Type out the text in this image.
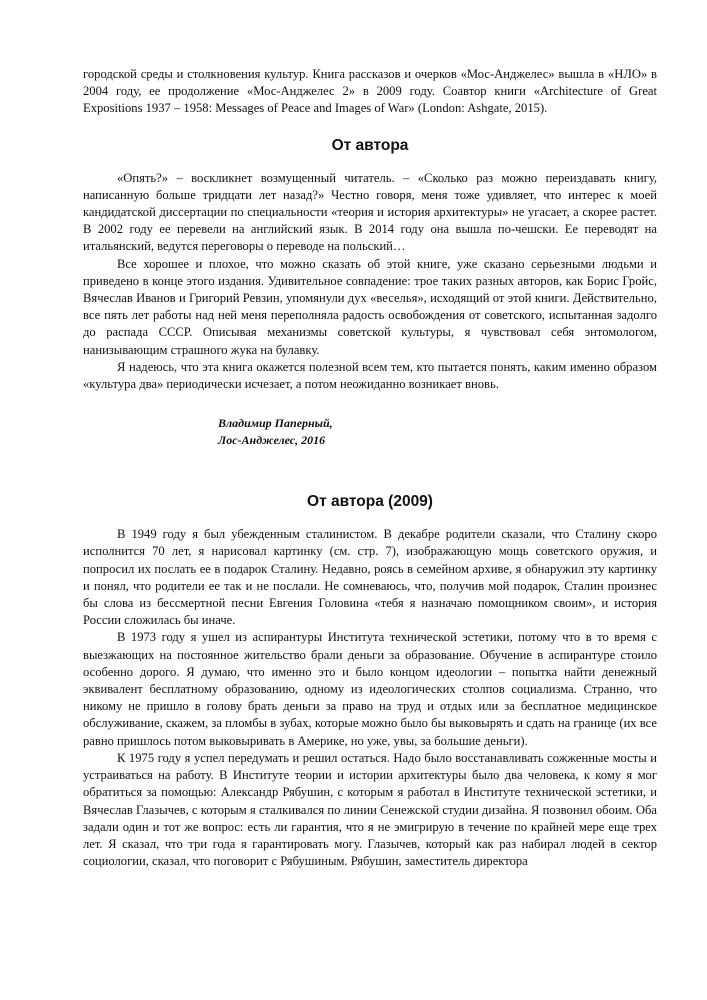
городской среды и столкновения культур. Книга рассказов и очерков «Мос-Анджелес» вышла в «НЛО» в 2004 году, ее продолжение «Мос-Анджелес 2» в 2009 году. Соавтор книги «Architecture of Great Expositions 1937 – 1958: Messages of Peace and Images of War» (London: Ashgate, 2015).

От автора

«Опять?» – воскликнет возмущенный читатель. – «Сколько раз можно переиздавать книгу, написанную больше тридцати лет назад?» Честно говоря, меня тоже удивляет, что интерес к моей кандидатской диссертации по специальности «теория и история архитектуры» не угасает, а скорее растет. В 2002 году ее перевели на английский язык. В 2014 году она вышла по-чешски. Ее переводят на итальянский, ведутся переговоры о переводе на польский…

Все хорошее и плохое, что можно сказать об этой книге, уже сказано серьезными людьми и приведено в конце этого издания. Удивительное совпадение: трое таких разных авторов, как Борис Гройс, Вячеслав Иванов и Григорий Ревзин, упомянули дух «веселья», исходящий от этой книги. Действительно, все пять лет работы над ней меня переполняла радость освобождения от советского, испытанная задолго до распада СССР. Описывая механизмы советской культуры, я чувствовал себя энтомологом, нанизывающим страшного жука на булавку.

Я надеюсь, что эта книга окажется полезной всем тем, кто пытается понять, каким именно образом «культура два» периодически исчезает, а потом неожиданно возникает вновь.

Владимир Паперный,
Лос-Анджелес, 2016
От автора (2009)

В 1949 году я был убежденным сталинистом. В декабре родители сказали, что Сталину скоро исполнится 70 лет, я нарисовал картинку (см. стр. 7), изображающую мощь советского оружия, и попросил их послать ее в подарок Сталину. Недавно, роясь в семейном архиве, я обнаружил эту картинку и понял, что родители ее так и не послали. Не сомневаюсь, что, получив мой подарок, Сталин произнес бы слова из бессмертной песни Евгения Головина «тебя я назначаю помощником своим», и история России сложилась бы иначе.

В 1973 году я ушел из аспирантуры Института технической эстетики, потому что в то время с выезжающих на постоянное жительство брали деньги за образование. Обучение в аспирантуре стоило особенно дорого. Я думаю, что именно это и было концом идеологии – попытка найти денежный эквивалент бесплатному образованию, одному из идеологических столпов социализма. Странно, что никому не пришло в голову брать деньги за право на труд и отдых или за бесплатное медицинское обслуживание, скажем, за пломбы в зубах, которые можно было бы выковырять и сдать на границе (их все равно пришлось потом выковыривать в Америке, но уже, увы, за большие деньги).

К 1975 году я успел передумать и решил остаться. Надо было восстанавливать сожженные мосты и устраиваться на работу. В Институте теории и истории архитектуры было два человека, к кому я мог обратиться за помощью: Александр Рябушин, с которым я работал в Институте технической эстетики, и Вячеслав Глазычев, с которым я сталкивался по линии Сенежской студии дизайна. Я позвонил обоим. Оба задали один и тот же вопрос: есть ли гарантия, что я не эмигрирую в течение по крайней мере еще трех лет. Я сказал, что три года я гарантировать могу. Глазычев, который как раз набирал людей в сектор социологии, сказал, что поговорит с Рябушиным. Рябушин, заместитель директора
